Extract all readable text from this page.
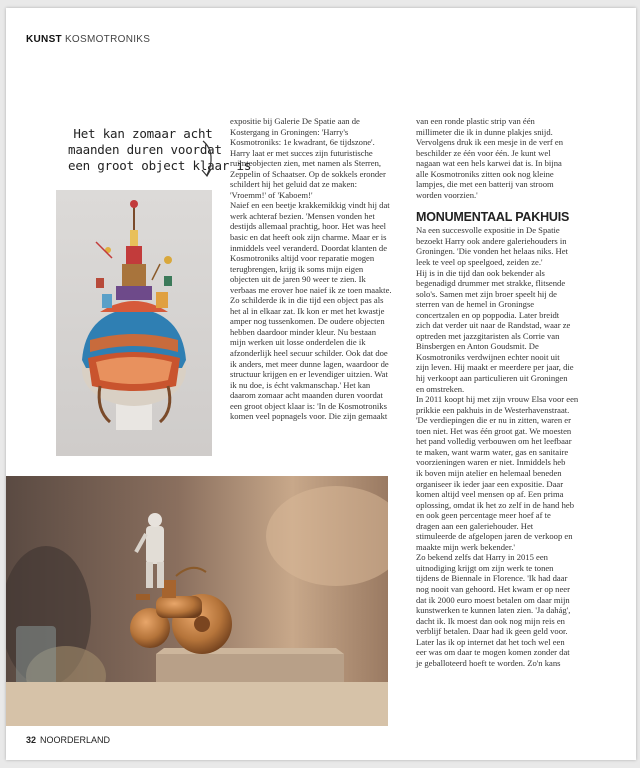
KUNST KOSMOTRONIKS
Het kan zomaar acht
maanden duren voordat
een groot object klaar is

expositie bij Galerie De Spatie aan de

Kostergang in Groningen: 'Harry's

Kosmotroniks: 1e kwadrant, 6e tijdszone'.

Harry laat er met succes zijn futuristische

ruimteobjecten zien, met namen als Sterren,

Zeppelin of Schaatser. Op de sokkels eronder

schildert hij het geluid dat ze maken:

'Vroemm!' of 'Kaboem!'

Naief en een beetje krakkemikkig vindt hij dat

werk achteraf bezien. 'Mensen vonden het

destijds allemaal prachtig, hoor. Het was heel

basic en dat heeft ook zijn charme. Maar er is

inmiddels veel veranderd. Doordat klanten de

Kosmotroniks altijd voor reparatie mogen

terugbrengen, krijg ik soms mijn eigen

objecten uit de jaren 90 weer te zien. Ik

verbaas me erover hoe naief ik ze toen maakte.

Zo schilderde ik in die tijd een object pas als

het al in elkaar zat. Ik kon er met het kwastje

amper nog tussenkomen. De oudere objecten

hebben daardoor minder kleur. Nu bestaan

mijn werken uit losse onderdelen die ik

afzonderlijk heel secuur schilder. Ook dat doe

ik anders, met meer dunne lagen, waardoor de

structuur krijgen en er levendiger uitzien. Wat

ik nu doe, is écht vakmanschap.' Het kan

daarom zomaar acht maanden duren voordat

een groot object klaar is: 'In de Kosmotroniks

komen veel popnagels voor. Die zijn gemaakt

van een ronde plastic strip van één

millimeter die ik in dunne plakjes snijd.

Vervolgens druk ik een mesje in de verf en

beschilder ze één voor één. Je kunt wel

nagaan wat een hels karwei dat is. In bijna

alle Kosmotroniks zitten ook nog kleine

lampjes, die met een batterij van stroom

worden voorzien.'

MONUMENTAAL PAKHUIS

Na een succesvolle expositie in De Spatie

bezoekt Harry ook andere galeriehouders in

Groningen. 'Die vonden het helaas niks. Het

leek te veel op speelgoed, zeiden ze.'

Hij is in die tijd dan ook bekender als

begenadigd drummer met strakke, flitsende

solo's. Samen met zijn broer speelt hij de

sterren van de hemel in Groningse

concertzalen en op poppodia. Later breidt

zich dat verder uit naar de Randstad, waar ze

optreden met jazzgitaristen als Corrie van

Binsbergen en Anton Goudsmit. De

Kosmotroniks verdwijnen echter nooit uit

zijn leven. Hij maakt er meerdere per jaar, die

hij verkoopt aan particulieren uit Groningen

en omstreken.

In 2011 koopt hij met zijn vrouw Elsa voor een

prikkie een pakhuis in de Westerhavenstraat.

'De verdiepingen die er nu in zitten, waren er

toen niet. Het was één groot gat. We moesten

het pand volledig verbouwen om het leefbaar

te maken, want warm water, gas en sanitaire

voorzieningen waren er niet. Inmiddels heb

ik boven mijn atelier en helemaal beneden

organiseer ik ieder jaar een expositie. Daar

komen altijd veel mensen op af. Een prima

oplossing, omdat ik het zo zelf in de hand heb

en ook geen percentage meer hoef af te

dragen aan een galeriehouder. Het

stimuleerde de afgelopen jaren de verkoop en

maakte mijn werk bekender.'

Zo bekend zelfs dat Harry in 2015 een

uitnodiging krijgt om zijn werk te tonen

tijdens de Biennale in Florence. 'Ik had daar

nog nooit van gehoord. Het kwam er op neer

dat ik 2000 euro moest betalen om daar mijn

kunstwerken te kunnen laten zien. 'Ja dahág',

dacht ik. Ik moest dan ook nog mijn reis en

verblijf betalen. Daar had ik geen geld voor.

Later las ik op internet dat het toch wel een

eer was om daar te mogen komen zonder dat

je geballoteerd hoeft te worden. Zo'n kans

32 NOORDERLAND
